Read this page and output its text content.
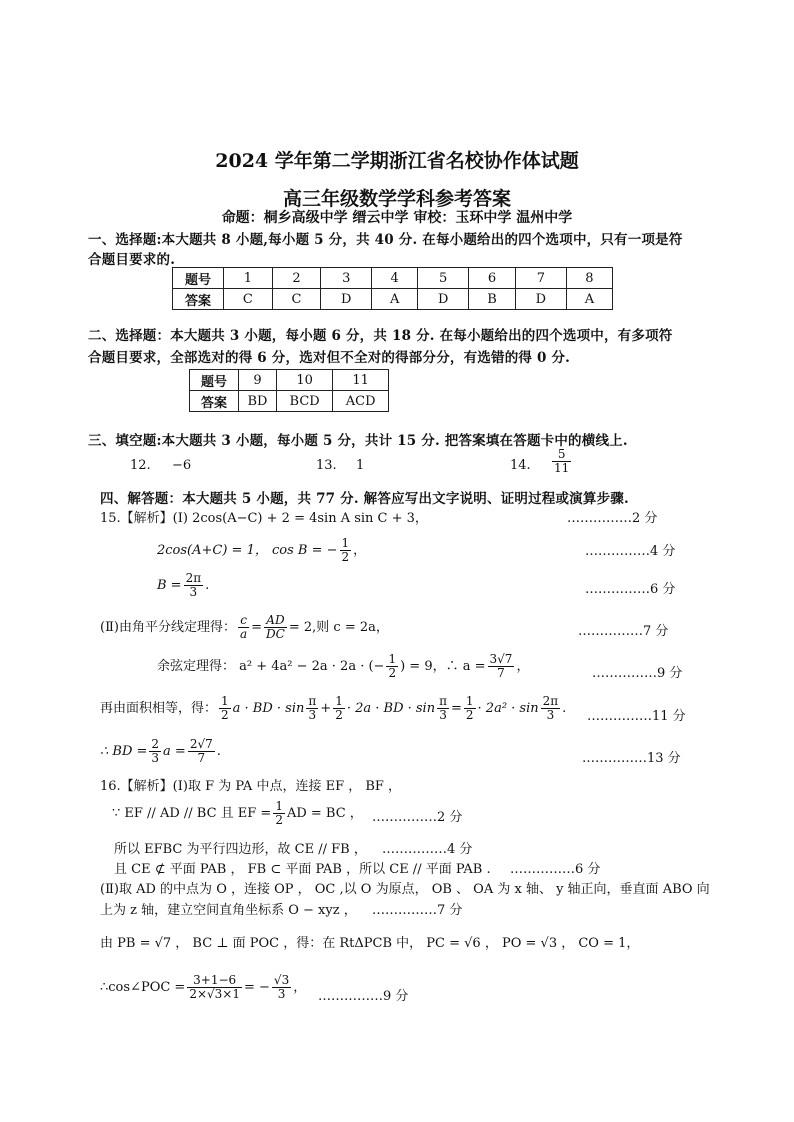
2024 学年第二学期浙江省名校协作体试题
高三年级数学学科参考答案
命题：桐乡高级中学 缙云中学 审校：玉环中学 温州中学
一、选择题:本大题共 8 小题,每小题 5 分，共 40 分. 在每小题给出的四个选项中，只有一项是符
合题目要求的.
题号	1	2	3	4	5	6	7	8
答案	C	C	D	A	D	B	D	A
二、选择题：本大题共 3 小题，每小题 6 分，共 18 分. 在每小题给出的四个选项中，有多项符
合题目要求，全部选对的得 6 分，选对但不全对的得部分分，有选错的得 0 分.
题号	9	10	11
答案	BD	BCD	ACD
三、填空题:本大题共 3 小题，每小题 5 分，共计 15 分. 把答案填在答题卡中的横线上.
12. −6	13. 1	14. $\frac{5}{11}$
四、解答题：本大题共 5 小题，共 77 分. 解答应写出文字说明、证明过程或演算步骤.
15.【解析】(Ⅰ) 2cos(A−C) + 2 = 4sin A sin C + 3，	……………2 分
2cos(A+C) = 1， cos B = − $\frac{1}{2}$ ，	……………4 分
$B = \frac{2\pi}{3}$ .	……………6 分
(Ⅱ)由角平分线定理得： $\frac{c}{a} = \frac{AD}{DC} = 2$,则 c = 2a，	……………7 分
余弦定理得： a² + 4a² − 2a · 2a · (− $\frac{1}{2}$ ) = 9，∴ $a = \frac{3√7}{7}$ ，	……………9 分
再由面积相等，得： $\frac{1}{2}$ a · BD · $\sin \frac{\pi}{3} + \frac{1}{2} \cdot 2a$ · BD · $\sin \frac{\pi}{3} = \frac{1}{2} \cdot 2a^2 \cdot \sin \frac{2\pi}{3}$ .
……………11 分
∴ BD = $\frac{2}{3}$ $a = \frac{2√7}{7}$ .	……………13 分
16.【解析】(Ⅰ)取 F 为 PA 中点，连接 EF ， BF ，
∵ EF // AD // BC 且 EF = $\frac{1}{2}$ AD = BC ， ……………2 分
所以 EFBC 为平行四边形，故 CE // FB ， ……………4 分
且 CE ⊄ 平面 PAB ， FB ⊂ 平面 PAB ，所以 CE // 平面 PAB . ……………6 分
(Ⅱ)取 AD 的中点为 O ，连接 OP ， OC ,以 O 为原点， OB 、 OA 为 x 轴、 y 轴正向，垂直面 ABO 向
上为 z 轴，建立空间直角坐标系 O − xyz ， ……………7 分
由 PB = √7 ， BC ⊥ 面 POC ，得：在 RtΔPCB 中， PC = √6 ， PO = √3 ， CO = 1，
∴cos∠POC = $\frac{3+1-6}{2\times√3\times 1}$ = − $\frac{√3}{3}$ ，
……………9 分
